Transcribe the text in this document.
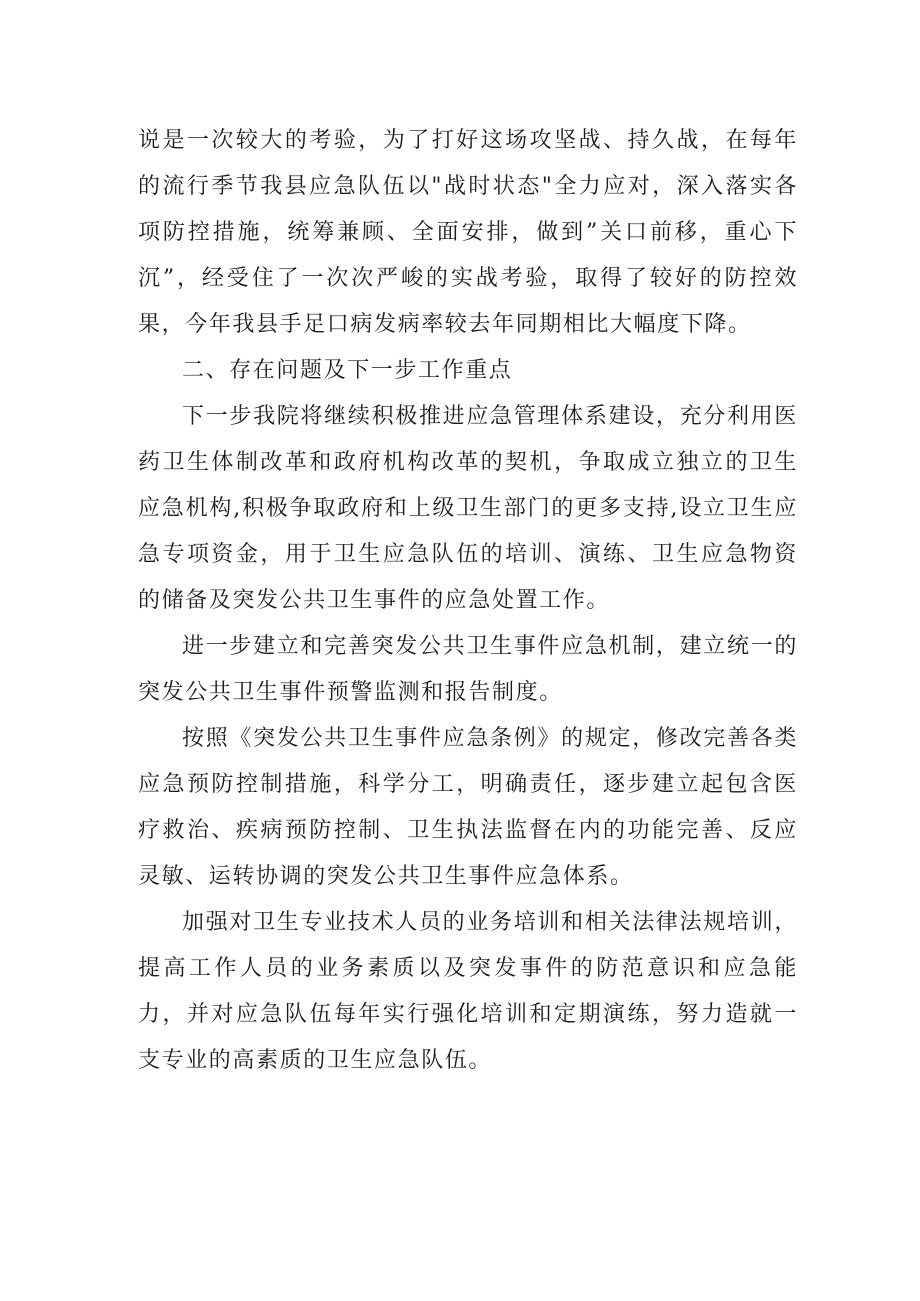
说是一次较大的考验，为了打好这场攻坚战、持久战，在每年的流行季节我县应急队伍以"战时状态"全力应对，深入落实各项防控措施，统筹兼顾、全面安排，做到”关口前移，重心下沉”，经受住了一次次严峻的实战考验，取得了较好的防控效果，今年我县手足口病发病率较去年同期相比大幅度下降。

二、存在问题及下一步工作重点

下一步我院将继续积极推进应急管理体系建设，充分利用医药卫生体制改革和政府机构改革的契机，争取成立独立的卫生应急机构,积极争取政府和上级卫生部门的更多支持,设立卫生应急专项资金，用于卫生应急队伍的培训、演练、卫生应急物资的储备及突发公共卫生事件的应急处置工作。

进一步建立和完善突发公共卫生事件应急机制，建立统一的突发公共卫生事件预警监测和报告制度。

按照《突发公共卫生事件应急条例》的规定，修改完善各类应急预防控制措施，科学分工，明确责任，逐步建立起包含医疗救治、疾病预防控制、卫生执法监督在内的功能完善、反应灵敏、运转协调的突发公共卫生事件应急体系。

加强对卫生专业技术人员的业务培训和相关法律法规培训，提高工作人员的业务素质以及突发事件的防范意识和应急能力，并对应急队伍每年实行强化培训和定期演练，努力造就一支专业的高素质的卫生应急队伍。
